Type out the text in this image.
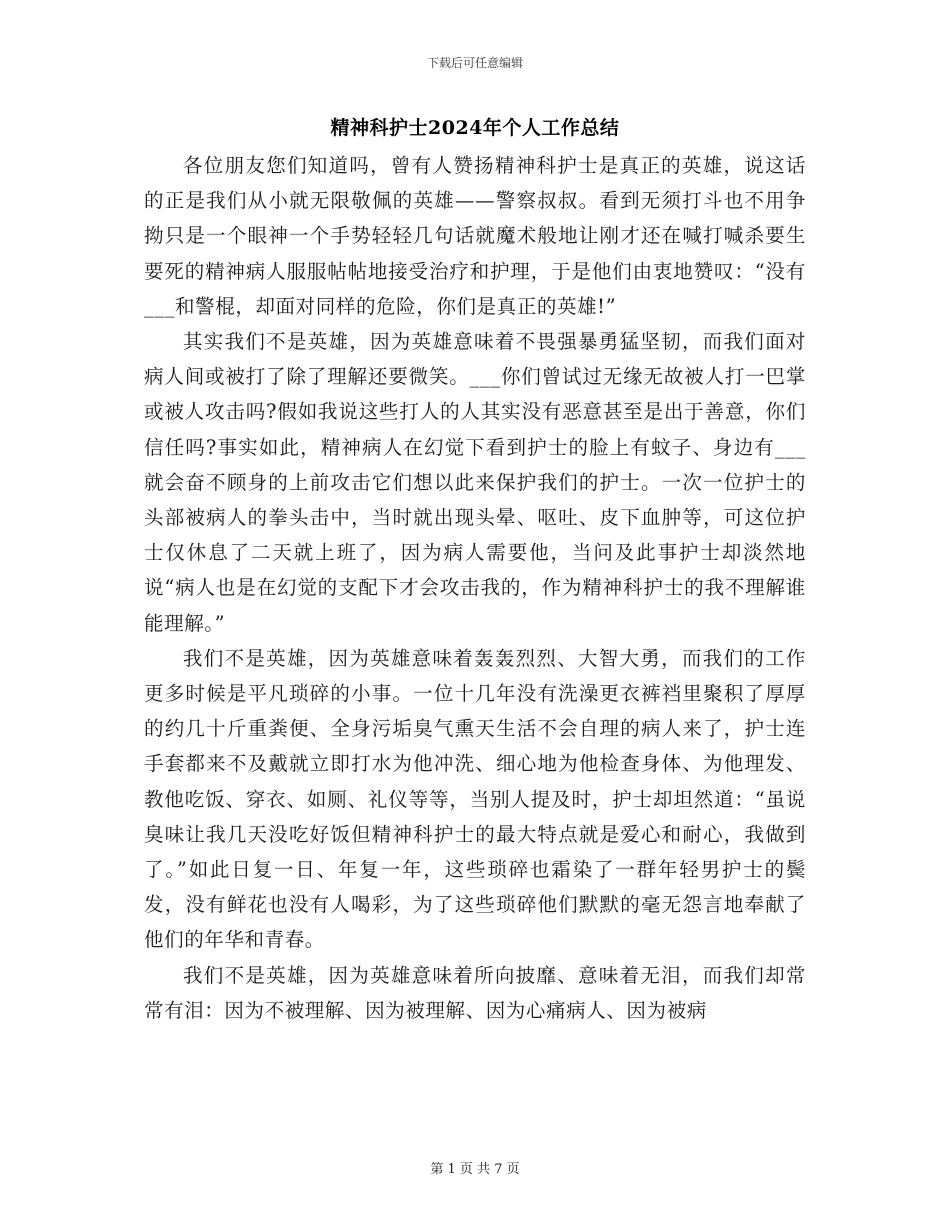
下载后可任意编辑
精神科护士2024年个人工作总结

各位朋友您们知道吗，曾有人赞扬精神科护士是真正的英雄，说这话的正是我们从小就无限敬佩的英雄——警察叔叔。看到无须打斗也不用争拗只是一个眼神一个手势轻轻几句话就魔术般地让刚才还在喊打喊杀要生要死的精神病人服服帖帖地接受治疗和护理，于是他们由衷地赞叹：“没有___和警棍，却面对同样的危险，你们是真正的英雄!”

其实我们不是英雄，因为英雄意味着不畏强暴勇猛坚韧，而我们面对病人间或被打了除了理解还要微笑。___你们曾试过无缘无故被人打一巴掌或被人攻击吗?假如我说这些打人的人其实没有恶意甚至是出于善意，你们信任吗?事实如此，精神病人在幻觉下看到护士的脸上有蚊子、身边有___就会奋不顾身的上前攻击它们想以此来保护我们的护士。一次一位护士的头部被病人的拳头击中，当时就出现头晕、呕吐、皮下血肿等，可这位护士仅休息了二天就上班了，因为病人需要他，当问及此事护士却淡然地说“病人也是在幻觉的支配下才会攻击我的，作为精神科护士的我不理解谁能理解。”

我们不是英雄，因为英雄意味着轰轰烈烈、大智大勇，而我们的工作更多时候是平凡琐碎的小事。一位十几年没有洗澡更衣裤裆里聚积了厚厚的约几十斤重粪便、全身污垢臭气熏天生活不会自理的病人来了，护士连手套都来不及戴就立即打水为他冲洗、细心地为他检查身体、为他理发、教他吃饭、穿衣、如厕、礼仪等等，当别人提及时，护士却坦然道：“虽说臭味让我几天没吃好饭但精神科护士的最大特点就是爱心和耐心，我做到了。”如此日复一日、年复一年，这些琐碎也霜染了一群年轻男护士的鬓发，没有鲜花也没有人喝彩，为了这些琐碎他们默默的毫无怨言地奉献了他们的年华和青春。

我们不是英雄，因为英雄意味着所向披靡、意味着无泪，而我们却常常有泪：因为不被理解、因为被理解、因为心痛病人、因为被病

第 1 页 共 7 页
